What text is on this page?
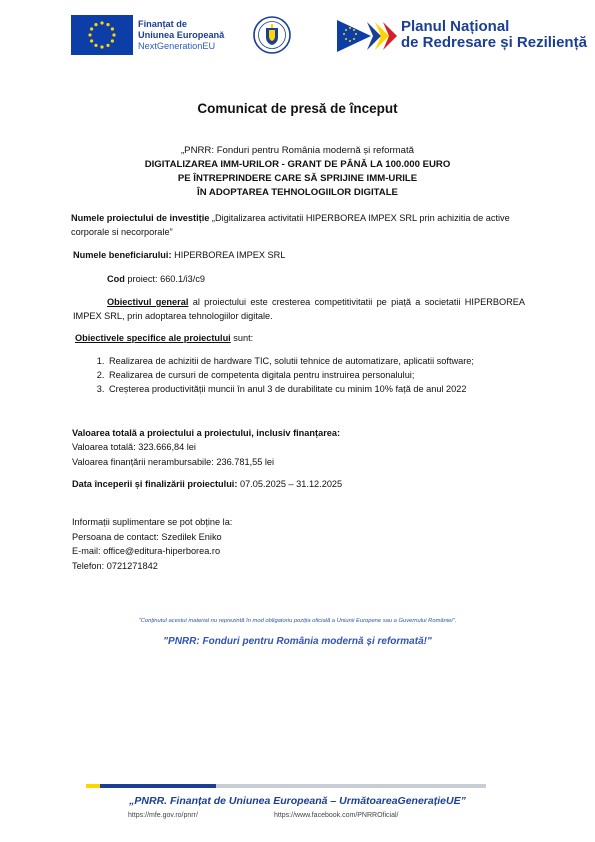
Finanțat de
Uniunea Europeană
NextGenerationEU
Planul Național
de Redresare și Reziliență
Comunicat de presă de început
„PNRR: Fonduri pentru România modernă și reformată
DIGITALIZAREA IMM-URILOR - GRANT DE PÂNĂ LA 100.000 EURO
PE ÎNTREPRINDERE CARE SĂ SPRIJINE IMM-URILE
ÎN ADOPTAREA TEHNOLOGIILOR DIGITALE
Numele proiectului de investiție „Digitalizarea activitatii HIPERBOREA IMPEX SRL prin achizitia de active corporale si necorporale”
Numele beneficiarului: HIPERBOREA IMPEX SRL
Cod proiect: 660.1/i3/c9
Obiectivul general al proiectului este cresterea competitivitatii pe piață a societatii HIPERBOREA IMPEX SRL, prin adoptarea tehnologiilor digitale.
Obiectivele specifice ale proiectului sunt:
1. Realizarea de achizitii de hardware TIC, solutii tehnice de automatizare, aplicatii software;
2. Realizarea de cursuri de competenta digitala pentru instruirea personalului;
3. Creșterea productivității muncii în anul 3 de durabilitate cu minim 10% față de anul 2022
Valoarea totală a proiectului a proiectului, inclusiv finanțarea:
Valoarea totală: 323.666,84 lei
Valoarea finanțării nerambursabile: 236.781,55 lei
Data începerii și finalizării proiectului: 07.05.2025 – 31.12.2025
Informații suplimentare se pot obține la:
Persoana de contact: Szedilek Eniko
E-mail: office@editura-hiperborea.ro
Telefon: 0721271842
"Conținutul acestui material nu reprezintă în mod obligatoriu poziția oficială a Uniunii Europene sau a Guvernului României".
"PNRR: Fonduri pentru România modernă și reformată!"
„PNRR. Finanțat de Uniunea Europeană – UrmătoareaGenerațieUE”
https://mfe.gov.ro/pnrr/	https://www.facebook.com/PNRROficial/
